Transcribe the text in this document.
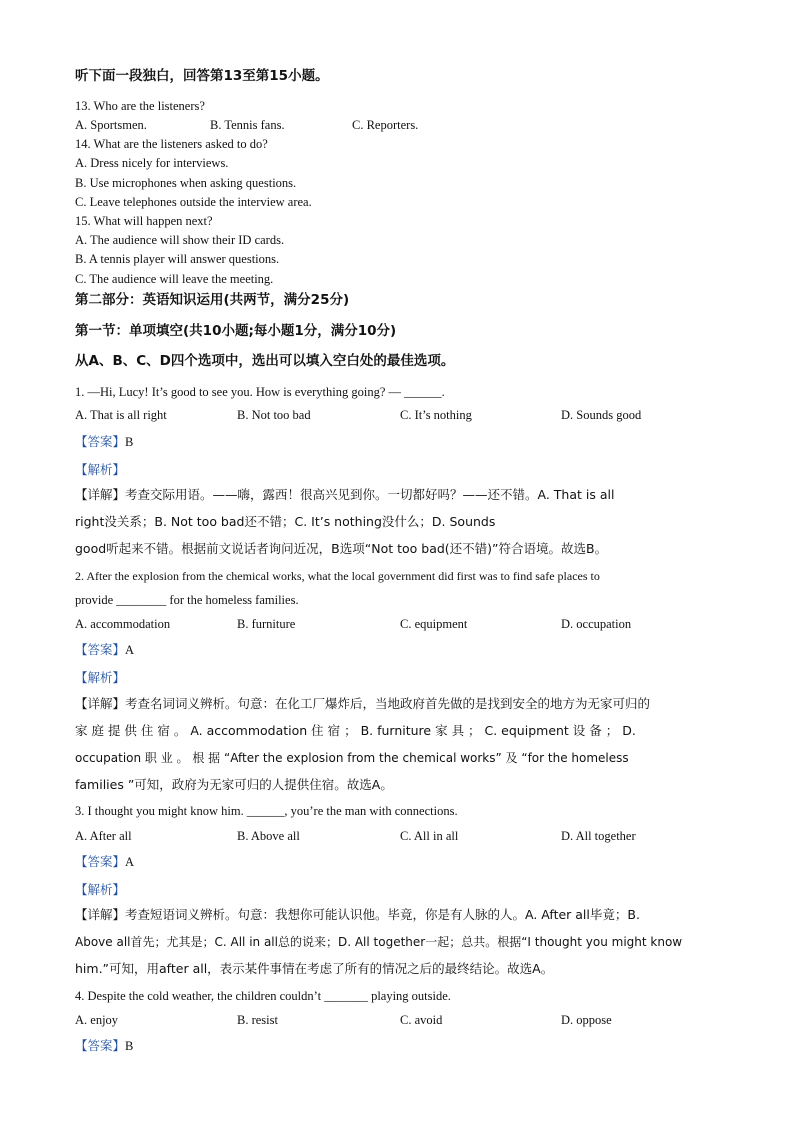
听下面一段独白，回答第13至第15小题。
13. Who are the listeners?
A. Sportsmen.	B. Tennis fans.	C. Reporters.
14. What are the listeners asked to do?
A. Dress nicely for interviews.
B. Use microphones when asking questions.
C. Leave telephones outside the interview area.
15. What will happen next?
A. The audience will show their ID cards.
B. A tennis player will answer questions.
C. The audience will leave the meeting.
第二部分：英语知识运用(共两节，满分25分)
第一节：单项填空(共10小题;每小题1分，满分10分)
从A、B、C、D四个选项中，选出可以填入空白处的最佳选项。
1. —Hi, Lucy! It’s good to see you. How is everything going? — ______.
A. That is all right	B. Not too bad	C. It’s nothing	D. Sounds good
【答案】B
【解析】
【详解】考查交际用语。——嗨，露西！很高兴见到你。一切都好吗？——还不错。A. That is all
right没关系；B. Not too bad还不错；C. It’s nothing没什么；D. Sounds
good听起来不错。根据前文说话者询问近况，B选项“Not too bad(还不错)”符合语境。故选B。
2. After the explosion from the chemical works, what the local government did first was to find safe places to
provide ________ for the homeless families.
A. accommodation	B. furniture	C. equipment	D. occupation
【答案】A
【解析】
【详解】考查名词词义辨析。句意：在化工厂爆炸后，当地政府首先做的是找到安全的地方为无家可归的
家 庭 提 供 住 宿 。 A. accommodation 住 宿 ； B. furniture 家 具 ； C. equipment 设 备 ； D.
occupation 职 业 。 根 据 “After the explosion from the chemical works” 及 “for the homeless
families ”可知，政府为无家可归的人提供住宿。故选A。
3. I thought you might know him. ______, you’re the man with connections.
A. After all	B. Above all	C. All in all	D. All together
【答案】A
【解析】
【详解】考查短语词义辨析。句意：我想你可能认识他。毕竟，你是有人脉的人。A. After all毕竟；B.
Above all首先；尤其是；C. All in all总的说来；D. All together一起；总共。根据“I thought you might know
him.”可知，用after all，表示某件事情在考虑了所有的情况之后的最终结论。故选A。
4. Despite the cold weather, the children couldn’t _______ playing outside.
A. enjoy	B. resist	C. avoid	D. oppose
【答案】B
